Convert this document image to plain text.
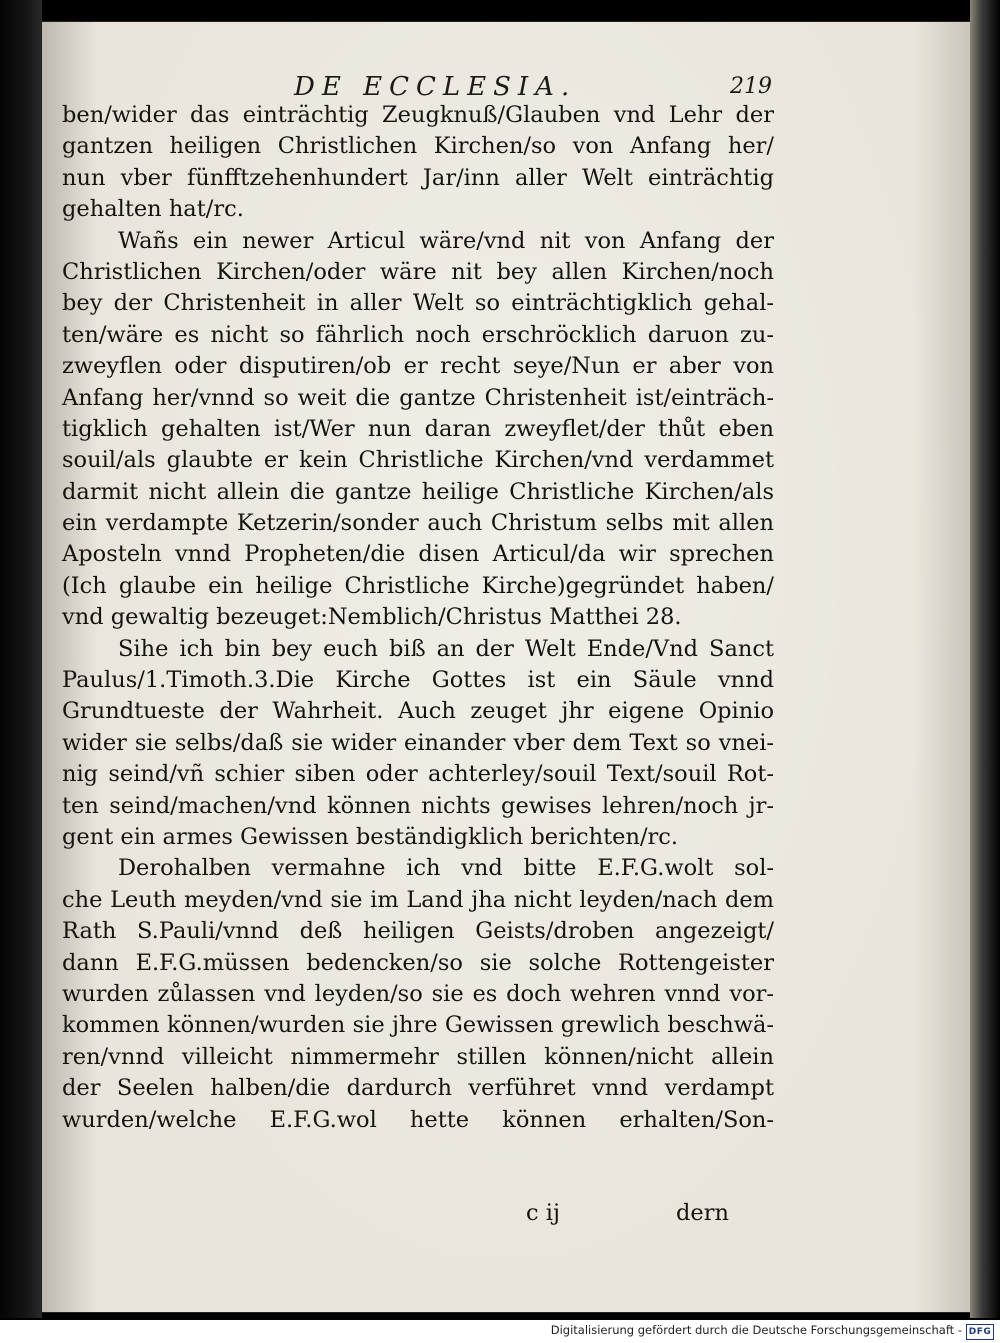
DE ECCLESIA.	219
ben/wider das einträchtig Zeugknuß/Glauben vnd Lehr der
gantzen heiligen Christlichen Kirchen/so von Anfang her/
nun vber fünfftzehenhundert Jar/inn aller Welt einträchtig
gehalten hat/rc.
Wañs ein newer Articul wäre/vnd nit von Anfang der
Christlichen Kirchen/oder wäre nit bey allen Kirchen/noch
bey der Christenheit in aller Welt so einträchtigklich gehal-
ten/wäre es nicht so fährlich noch erschröcklich daruon zu-
zweyflen oder disputiren/ob er recht seye/Nun er aber von
Anfang her/vnnd so weit die gantze Christenheit ist/einträch-
tigklich gehalten ist/Wer nun daran zweyflet/der thůt eben
souil/als glaubte er kein Christliche Kirchen/vnd verdammet
darmit nicht allein die gantze heilige Christliche Kirchen/als
ein verdampte Ketzerin/sonder auch Christum selbs mit allen
Aposteln vnnd Propheten/die disen Articul/da wir sprechen
(Ich glaube ein heilige Christliche Kirche)gegründet haben/
vnd gewaltig bezeuget:Nemblich/Christus Matthei 28.
Sihe ich bin bey euch biß an der Welt Ende/Vnd Sanct
Paulus/1.Timoth.3.Die Kirche Gottes ist ein Säule vnnd
Grundtueste der Wahrheit. Auch zeuget jhr eigene Opinio
wider sie selbs/daß sie wider einander vber dem Text so vnei-
nig seind/vñ schier siben oder achterley/souil Text/souil Rot-
ten seind/machen/vnd können nichts gewises lehren/noch jr-
gent ein armes Gewissen beständigklich berichten/rc.
Derohalben vermahne ich vnd bitte E.F.G.wolt sol-
che Leuth meyden/vnd sie im Land jha nicht leyden/nach dem
Rath S.Pauli/vnnd deß heiligen Geists/droben angezeigt/
dann E.F.G.müssen bedencken/so sie solche Rottengeister
wurden zůlassen vnd leyden/so sie es doch wehren vnnd vor-
kommen können/wurden sie jhre Gewissen grewlich beschwä-
ren/vnnd villeicht nimmermehr stillen können/nicht allein
der Seelen halben/die dardurch verführet vnnd verdampt
wurden/welche E.F.G.wol hette können erhalten/Son-
c ij	dern
Digitalisierung gefördert durch die Deutsche Forschungsgemeinschaft - DFG
